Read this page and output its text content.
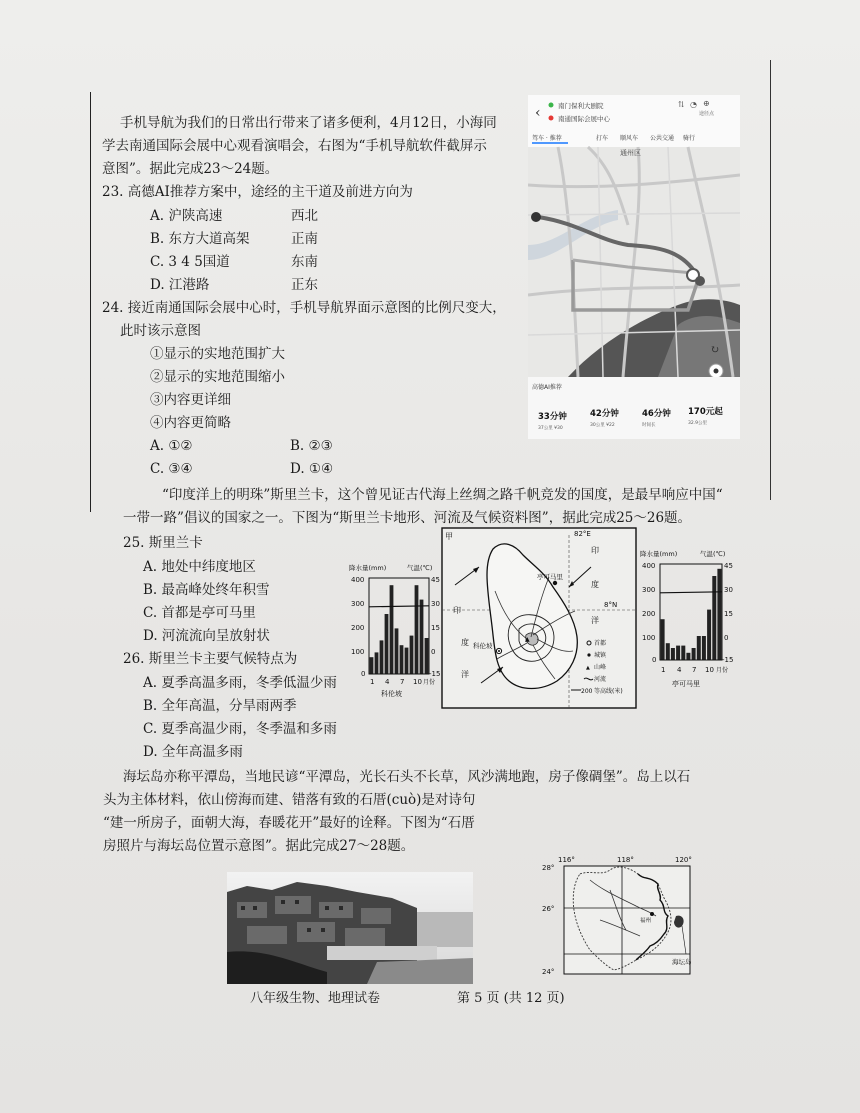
手机导航为我们的日常出行带来了诸多便利，4月12日，小海同
学去南通国际会展中心观看演唱会，右图为“手机导航软件截屏示
意图”。据此完成23～24题。
23. 高德AI推荐方案中，途经的主干道及前进方向为
A. 沪陕高速	西北
B. 东方大道高架	正南
C. 3 4 5国道	东南
D. 江港路	正东
24. 接近南通国际会展中心时，手机导航界面示意图的比例尺变大，
此时该示意图
①显示的实地范围扩大
②显示的实地范围缩小
③内容更详细
④内容更简略
A. ①②	B. ②③
C. ③④	D. ①④
‹	南门保利大剧院
南通国际会展中心
⇅ ◔ ⊕
途径点
驾车 · 推荐	打车 顺风车 公共交通 骑行
通州区
↻
高德AI推荐
33分钟
37公里 ¥30
42分钟
30公里 ¥22
46分钟
时间长
170元起
32.9公里
“印度洋上的明珠”斯里兰卡，这个曾见证古代海上丝绸之路千帆竞发的国度，是最早响应中国“
一带一路”倡议的国家之一。下图为“斯里兰卡地形、河流及气候资料图”，据此完成25～26题。
25. 斯里兰卡
A. 地处中纬度地区
B. 最高峰处终年积雪
C. 首都是亭可马里
D. 河流流向呈放射状
26. 斯里兰卡主要气候特点为
A. 夏季高温多雨，冬季低温少雨
B. 全年高温，分旱雨两季
C. 夏季高温少雨，冬季温和多雨
D. 全年高温多雨
降水量(mm)	气温(℃)
400
300
200
100
0
45
30
15
0
-15
1 4 7 10 月份
科伦坡
甲	82°E
8°N
亭可马里
科伦坡
▲
印
度
洋
印
度
洋
首都
城镇
▲ 山峰
河流
200 等高线(米)
降水量(mm)	气温(℃)
400
300
200
100
0
45
30
15
0
-15
1 4 7 10 月份
亭可马里
海坛岛亦称平潭岛，当地民谚“平潭岛，光长石头不长草，风沙满地跑，房子像碉堡”。岛上以石
头为主体材料，依山傍海而建、错落有致的石厝(cuò)是对诗句
“建一所房子，面朝大海，春暖花开”最好的诠释。下图为“石厝
房照片与海坛岛位置示意图”。据此完成27～28题。
116°	118°	120°
海坛岛
福州
28°
26°
24°
八年级生物、地理试卷	第 5 页 (共 12 页)
